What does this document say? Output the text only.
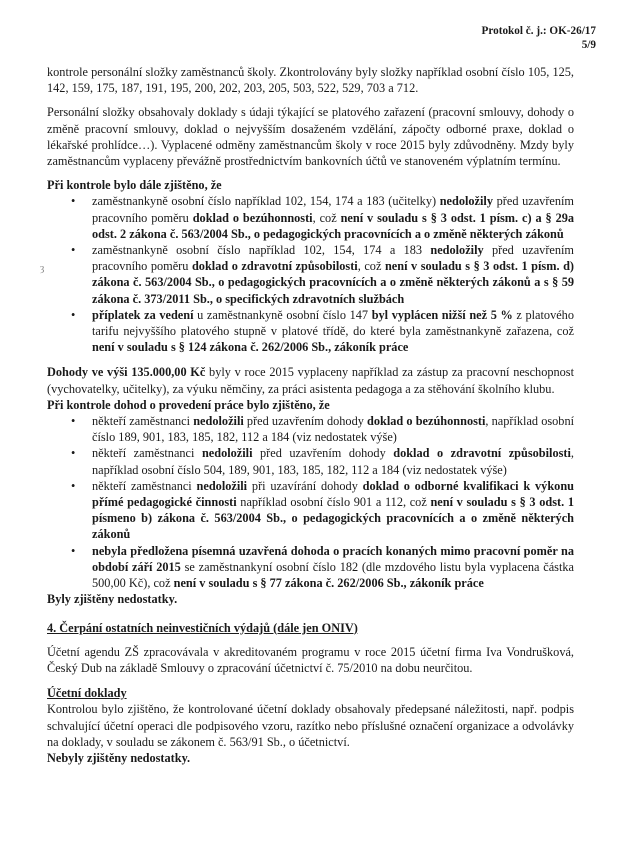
Protokol č. j.: OK-26/17
5/9
ȝ

kontrole personální složky zaměstnanců školy. Zkontrolovány byly složky například osobní číslo 105, 125, 142, 159, 175, 187, 191, 195, 200, 202, 203, 205, 503, 522, 529, 703 a 712.

Personální složky obsahovaly doklady s údaji týkající se platového zařazení (pracovní smlouvy, dohody o změně pracovní smlouvy, doklad o nejvyšším dosaženém vzdělání, zápočty odborné praxe, doklad o lékařské prohlídce…). Vyplacené odměny zaměstnancům školy v roce 2015 byly zdůvodněny. Mzdy byly zaměstnancům vyplaceny převážně prostřednictvím bankovních účtů ve stanoveném výplatním termínu.

Při kontrole bylo dále zjištěno, že

• zaměstnankyně osobní číslo například 102, 154, 174 a 183 (učitelky) nedoložily před uzavřením pracovního poměru doklad o bezúhonnosti, což není v souladu s § 3 odst. 1 písm. c) a § 29a odst. 2 zákona č. 563/2004 Sb., o pedagogických pracovnících a o změně některých zákonů
• zaměstnankyně osobní číslo například 102, 154, 174 a 183 nedoložily před uzavřením pracovního poměru doklad o zdravotní způsobilosti, což není v souladu s § 3 odst. 1 písm. d) zákona č. 563/2004 Sb., o pedagogických pracovnících a o změně některých zákonů a s § 59 zákona č. 373/2011 Sb., o specifických zdravotních službách
• příplatek za vedení u zaměstnankyně osobní číslo 147 byl vyplácen nižší než 5 % z platového tarifu nejvyššího platového stupně v platové třídě, do které byla zaměstnankyně zařazena, což není v souladu s § 124 zákona č. 262/2006 Sb., zákoník práce

Dohody ve výši 135.000,00 Kč byly v roce 2015 vyplaceny například za zástup za pracovní neschopnost (vychovatelky, učitelky), za výuku němčiny, za práci asistenta pedagoga a za stěhování školního klubu.

Při kontrole dohod o provedení práce bylo zjištěno, že

• někteří zaměstnanci nedoložili před uzavřením dohody doklad o bezúhonnosti, například osobní číslo 189, 901, 183, 185, 182, 112 a 184 (viz nedostatek výše)
• někteří zaměstnanci nedoložili před uzavřením dohody doklad o zdravotní způsobilosti, například osobní číslo 504, 189, 901, 183, 185, 182, 112 a 184 (viz nedostatek výše)
• někteří zaměstnanci nedoložili při uzavírání dohody doklad o odborné kvalifikaci k výkonu přímé pedagogické činnosti například osobní číslo 901 a 112, což není v souladu s § 3 odst. 1 písmeno b) zákona č. 563/2004 Sb., o pedagogických pracovnících a o změně některých zákonů
• nebyla předložena písemná uzavřená dohoda o pracích konaných mimo pracovní poměr na období září 2015 se zaměstnankyní osobní číslo 182 (dle mzdového listu byla vyplacena částka 500,00 Kč), což není v souladu s § 77 zákona č. 262/2006 Sb., zákoník práce

Byly zjištěny nedostatky.

4. Čerpání ostatních neinvestičních výdajů (dále jen ONIV)

Účetní agendu ZŠ zpracovávala v akreditovaném programu v roce 2015 účetní firma Iva Vondrušková, Český Dub na základě Smlouvy o zpracování účetnictví č. 75/2010 na dobu neurčitou.

Účetní doklady

Kontrolou bylo zjištěno, že kontrolované účetní doklady obsahovaly předepsané náležitosti, např. podpis schvalující účetní operaci dle podpisového vzoru, razítko nebo příslušné označení organizace a odvolávky na doklady, v souladu se zákonem č. 563/91 Sb., o účetnictví.

Nebyly zjištěny nedostatky.
